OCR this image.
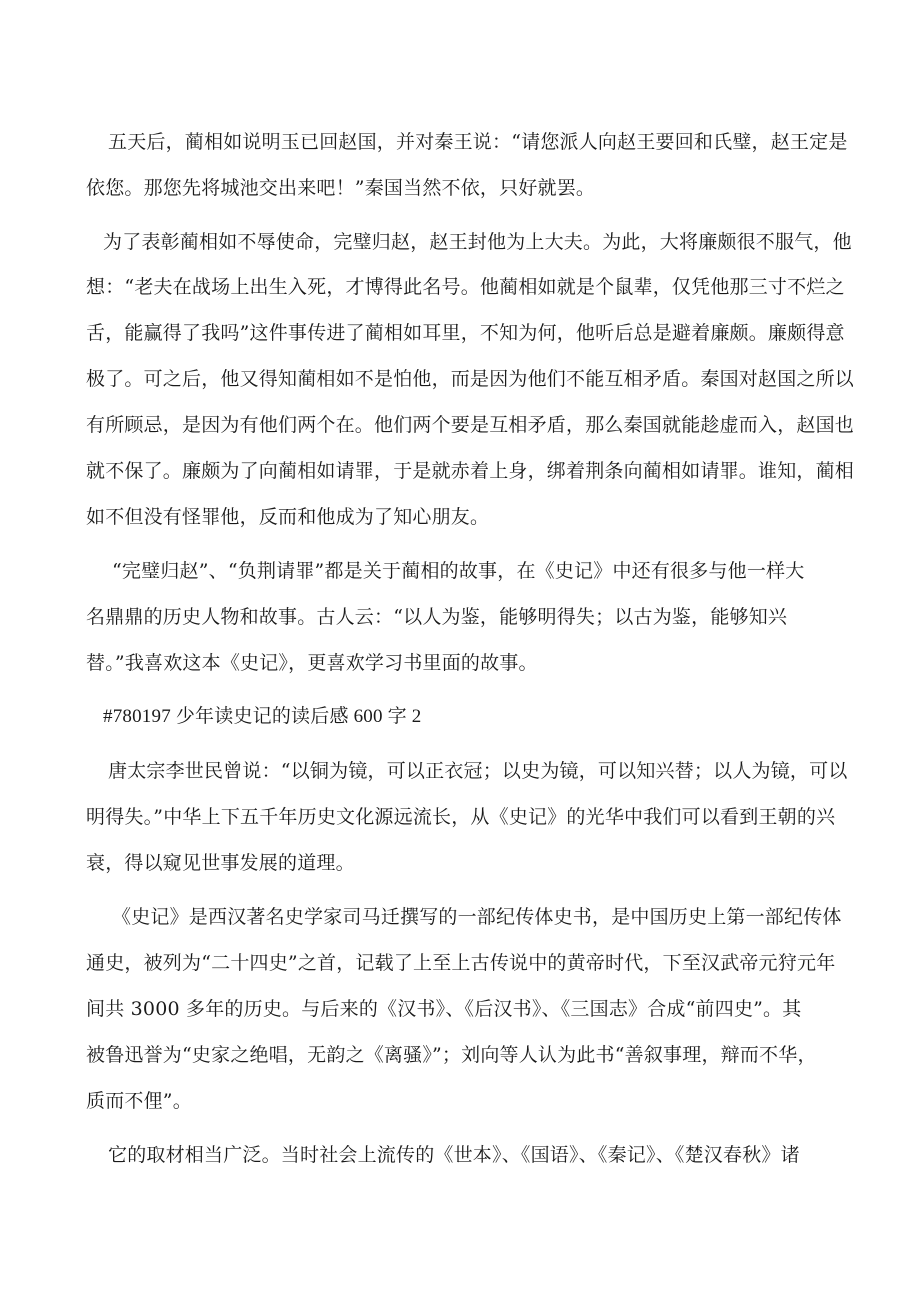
五天后，蔺相如说明玉已回赵国，并对秦王说：“请您派人向赵王要回和氏璧，赵王定是
依您。那您先将城池交出来吧！”秦国当然不依，只好就罢。
为了表彰蔺相如不辱使命，完璧归赵，赵王封他为上大夫。为此，大将廉颇很不服气，他
想：“老夫在战场上出生入死，才博得此名号。他蔺相如就是个鼠辈，仅凭他那三寸不烂之
舌，能赢得了我吗”这件事传进了蔺相如耳里，不知为何，他听后总是避着廉颇。廉颇得意
极了。可之后，他又得知蔺相如不是怕他，而是因为他们不能互相矛盾。秦国对赵国之所以
有所顾忌，是因为有他们两个在。他们两个要是互相矛盾，那么秦国就能趁虚而入，赵国也
就不保了。廉颇为了向蔺相如请罪，于是就赤着上身，绑着荆条向蔺相如请罪。谁知，蔺相
如不但没有怪罪他，反而和他成为了知心朋友。
“完璧归赵”、“负荆请罪”都是关于蔺相的故事，在《史记》中还有很多与他一样大
名鼎鼎的历史人物和故事。古人云：“以人为鉴，能够明得失；以古为鉴，能够知兴
替。”我喜欢这本《史记》，更喜欢学习书里面的故事。
#780197 少年读史记的读后感 600 字 2
唐太宗李世民曾说：“以铜为镜，可以正衣冠；以史为镜，可以知兴替；以人为镜，可以
明得失。”中华上下五千年历史文化源远流长，从《史记》的光华中我们可以看到王朝的兴
衰，得以窥见世事发展的道理。
《史记》是西汉著名史学家司马迁撰写的一部纪传体史书，是中国历史上第一部纪传体
通史，被列为“二十四史”之首，记载了上至上古传说中的黄帝时代，下至汉武帝元狩元年
间共 3000 多年的历史。与后来的《汉书》、《后汉书》、《三国志》合成“前四史”。其
被鲁迅誉为“史家之绝唱，无韵之《离骚》”；刘向等人认为此书“善叙事理，辩而不华，
质而不俚”。
它的取材相当广泛。当时社会上流传的《世本》、《国语》、《秦记》、《楚汉春秋》诸
